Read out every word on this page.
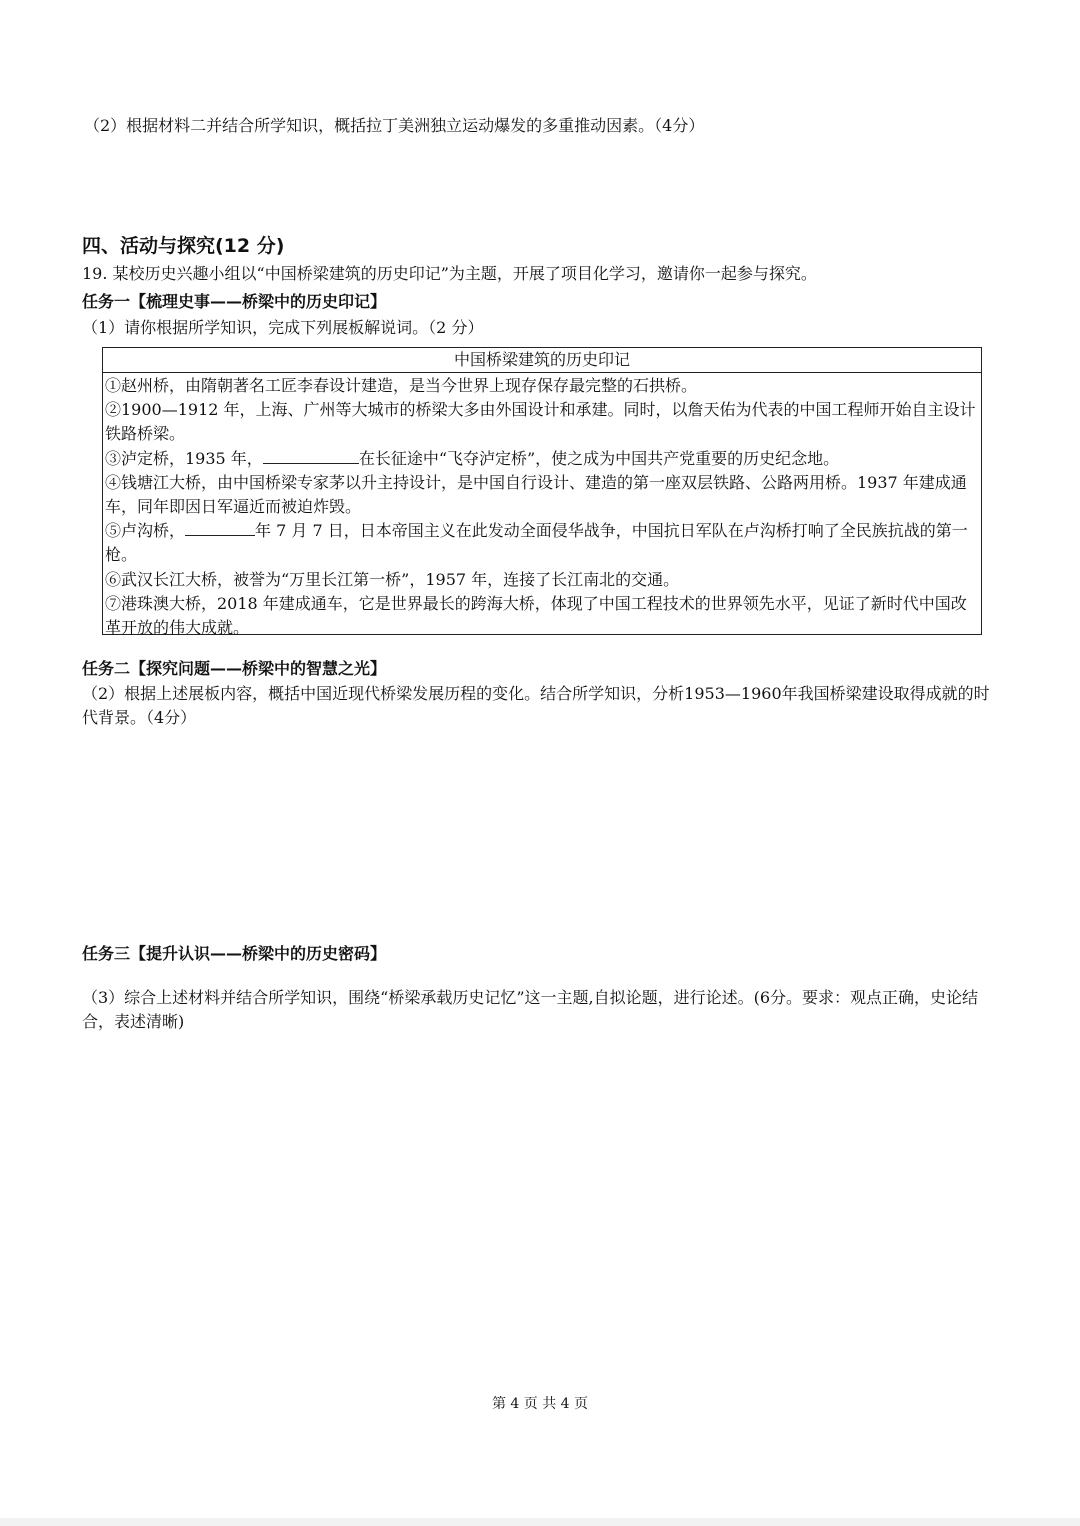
（2）根据材料二并结合所学知识，概括拉丁美洲独立运动爆发的多重推动因素。（4分）

四、活动与探究(12 分)

19. 某校历史兴趣小组以“中国桥梁建筑的历史印记”为主题，开展了项目化学习，邀请你一起参与探究。

任务一【梳理史事——桥梁中的历史印记】

（1）请你根据所学知识，完成下列展板解说词。（2 分）

中国桥梁建筑的历史印记

①赵州桥，由隋朝著名工匠李春设计建造，是当今世界上现存保存最完整的石拱桥。

②1900—1912 年，上海、广州等大城市的桥梁大多由外国设计和承建。同时，以詹天佑为代表的中国工程师开始自主设计铁路桥梁。

③泸定桥，1935 年，	在长征途中“飞夺泸定桥”，使之成为中国共产党重要的历史纪念地。

④钱塘江大桥，由中国桥梁专家茅以升主持设计，是中国自行设计、建造的第一座双层铁路、公路两用桥。1937 年建成通车，同年即因日军逼近而被迫炸毁。

⑤卢沟桥，	年 7 月 7 日，日本帝国主义在此发动全面侵华战争，中国抗日军队在卢沟桥打响了全民族抗战的第一枪。

⑥武汉长江大桥，被誉为“万里长江第一桥”，1957 年，连接了长江南北的交通。

⑦港珠澳大桥，2018 年建成通车，它是世界最长的跨海大桥，体现了中国工程技术的世界领先水平，见证了新时代中国改革开放的伟大成就。

任务二【探究问题——桥梁中的智慧之光】

（2）根据上述展板内容，概括中国近现代桥梁发展历程的变化。结合所学知识，分析1953—1960年我国桥梁建设取得成就的时代背景。（4分）

任务三【提升认识——桥梁中的历史密码】

（3）综合上述材料并结合所学知识，围绕“桥梁承载历史记忆”这一主题,自拟论题，进行论述。(6分。要求：观点正确，史论结合，表述清晰)

第 4 页 共 4 页
